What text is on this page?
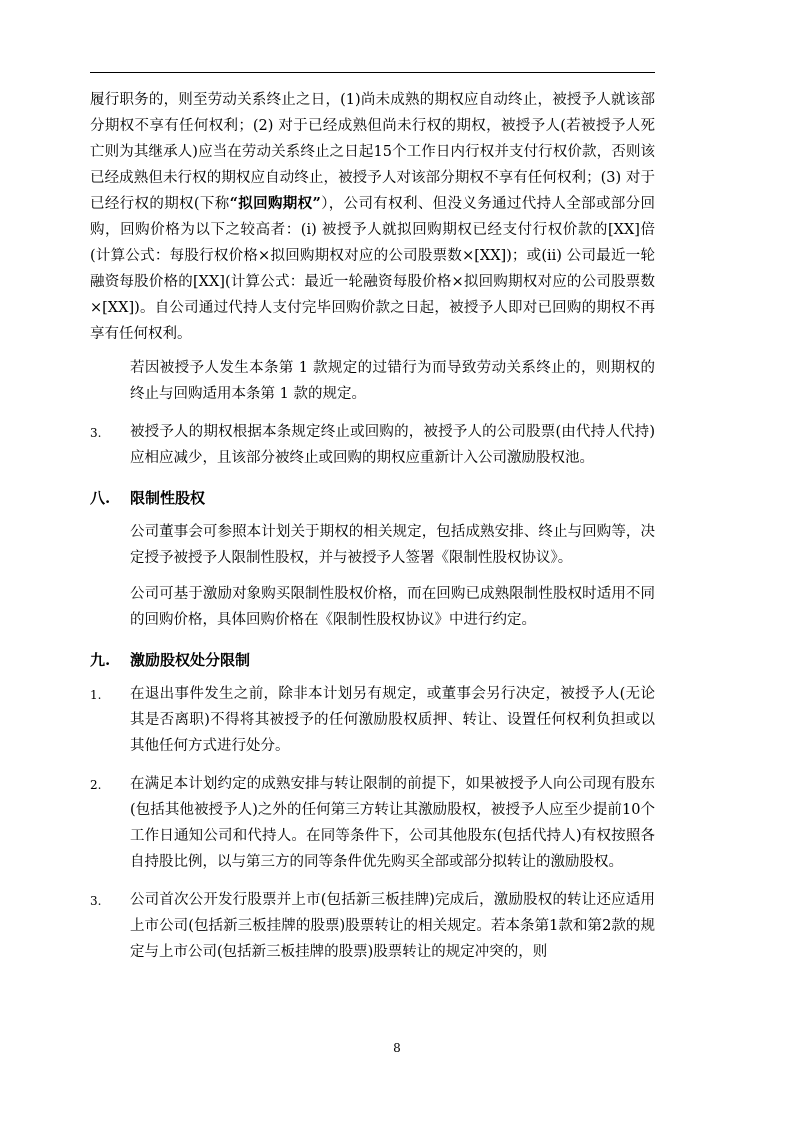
履行职务的，则至劳动关系终止之日，(1)尚未成熟的期权应自动终止，被授予人就该部分期权不享有任何权利；(2) 对于已经成熟但尚未行权的期权，被授予人(若被授予人死亡则为其继承人)应当在劳动关系终止之日起15个工作日内行权并支付行权价款，否则该已经成熟但未行权的期权应自动终止，被授予人对该部分期权不享有任何权利；(3) 对于已经行权的期权(下称“拟回购期权”），公司有权利、但没义务通过代持人全部或部分回购，回购价格为以下之较高者：(i) 被授予人就拟回购期权已经支付行权价款的[XX]倍(计算公式：每股行权价格×拟回购期权对应的公司股票数×[XX])；或(ii) 公司最近一轮融资每股价格的[XX](计算公式：最近一轮融资每股价格×拟回购期权对应的公司股票数×[XX])。自公司通过代持人支付完毕回购价款之日起，被授予人即对已回购的期权不再享有任何权利。

若因被授予人发生本条第 1 款规定的过错行为而导致劳动关系终止的，则期权的终止与回购适用本条第 1 款的规定。

3.	被授予人的期权根据本条规定终止或回购的，被授予人的公司股票(由代持人代持)应相应减少，且该部分被终止或回购的期权应重新计入公司激励股权池。
八.	限制性股权

公司董事会可参照本计划关于期权的相关规定，包括成熟安排、终止与回购等，决定授予被授予人限制性股权，并与被授予人签署《限制性股权协议》。

公司可基于激励对象购买限制性股权价格，而在回购已成熟限制性股权时适用不同的回购价格，具体回购价格在《限制性股权协议》中进行约定。

九.	激励股权处分限制
1.	在退出事件发生之前，除非本计划另有规定，或董事会另行决定，被授予人(无论其是否离职)不得将其被授予的任何激励股权质押、转让、设置任何权利负担或以其他任何方式进行处分。
2.	在满足本计划约定的成熟安排与转让限制的前提下，如果被授予人向公司现有股东(包括其他被授予人)之外的任何第三方转让其激励股权，被授予人应至少提前10个工作日通知公司和代持人。在同等条件下，公司其他股东(包括代持人)有权按照各自持股比例，以与第三方的同等条件优先购买全部或部分拟转让的激励股权。
3.	公司首次公开发行股票并上市(包括新三板挂牌)完成后，激励股权的转让还应适用上市公司(包括新三板挂牌的股票)股票转让的相关规定。若本条第1款和第2款的规定与上市公司(包括新三板挂牌的股票)股票转让的规定冲突的，则
8
